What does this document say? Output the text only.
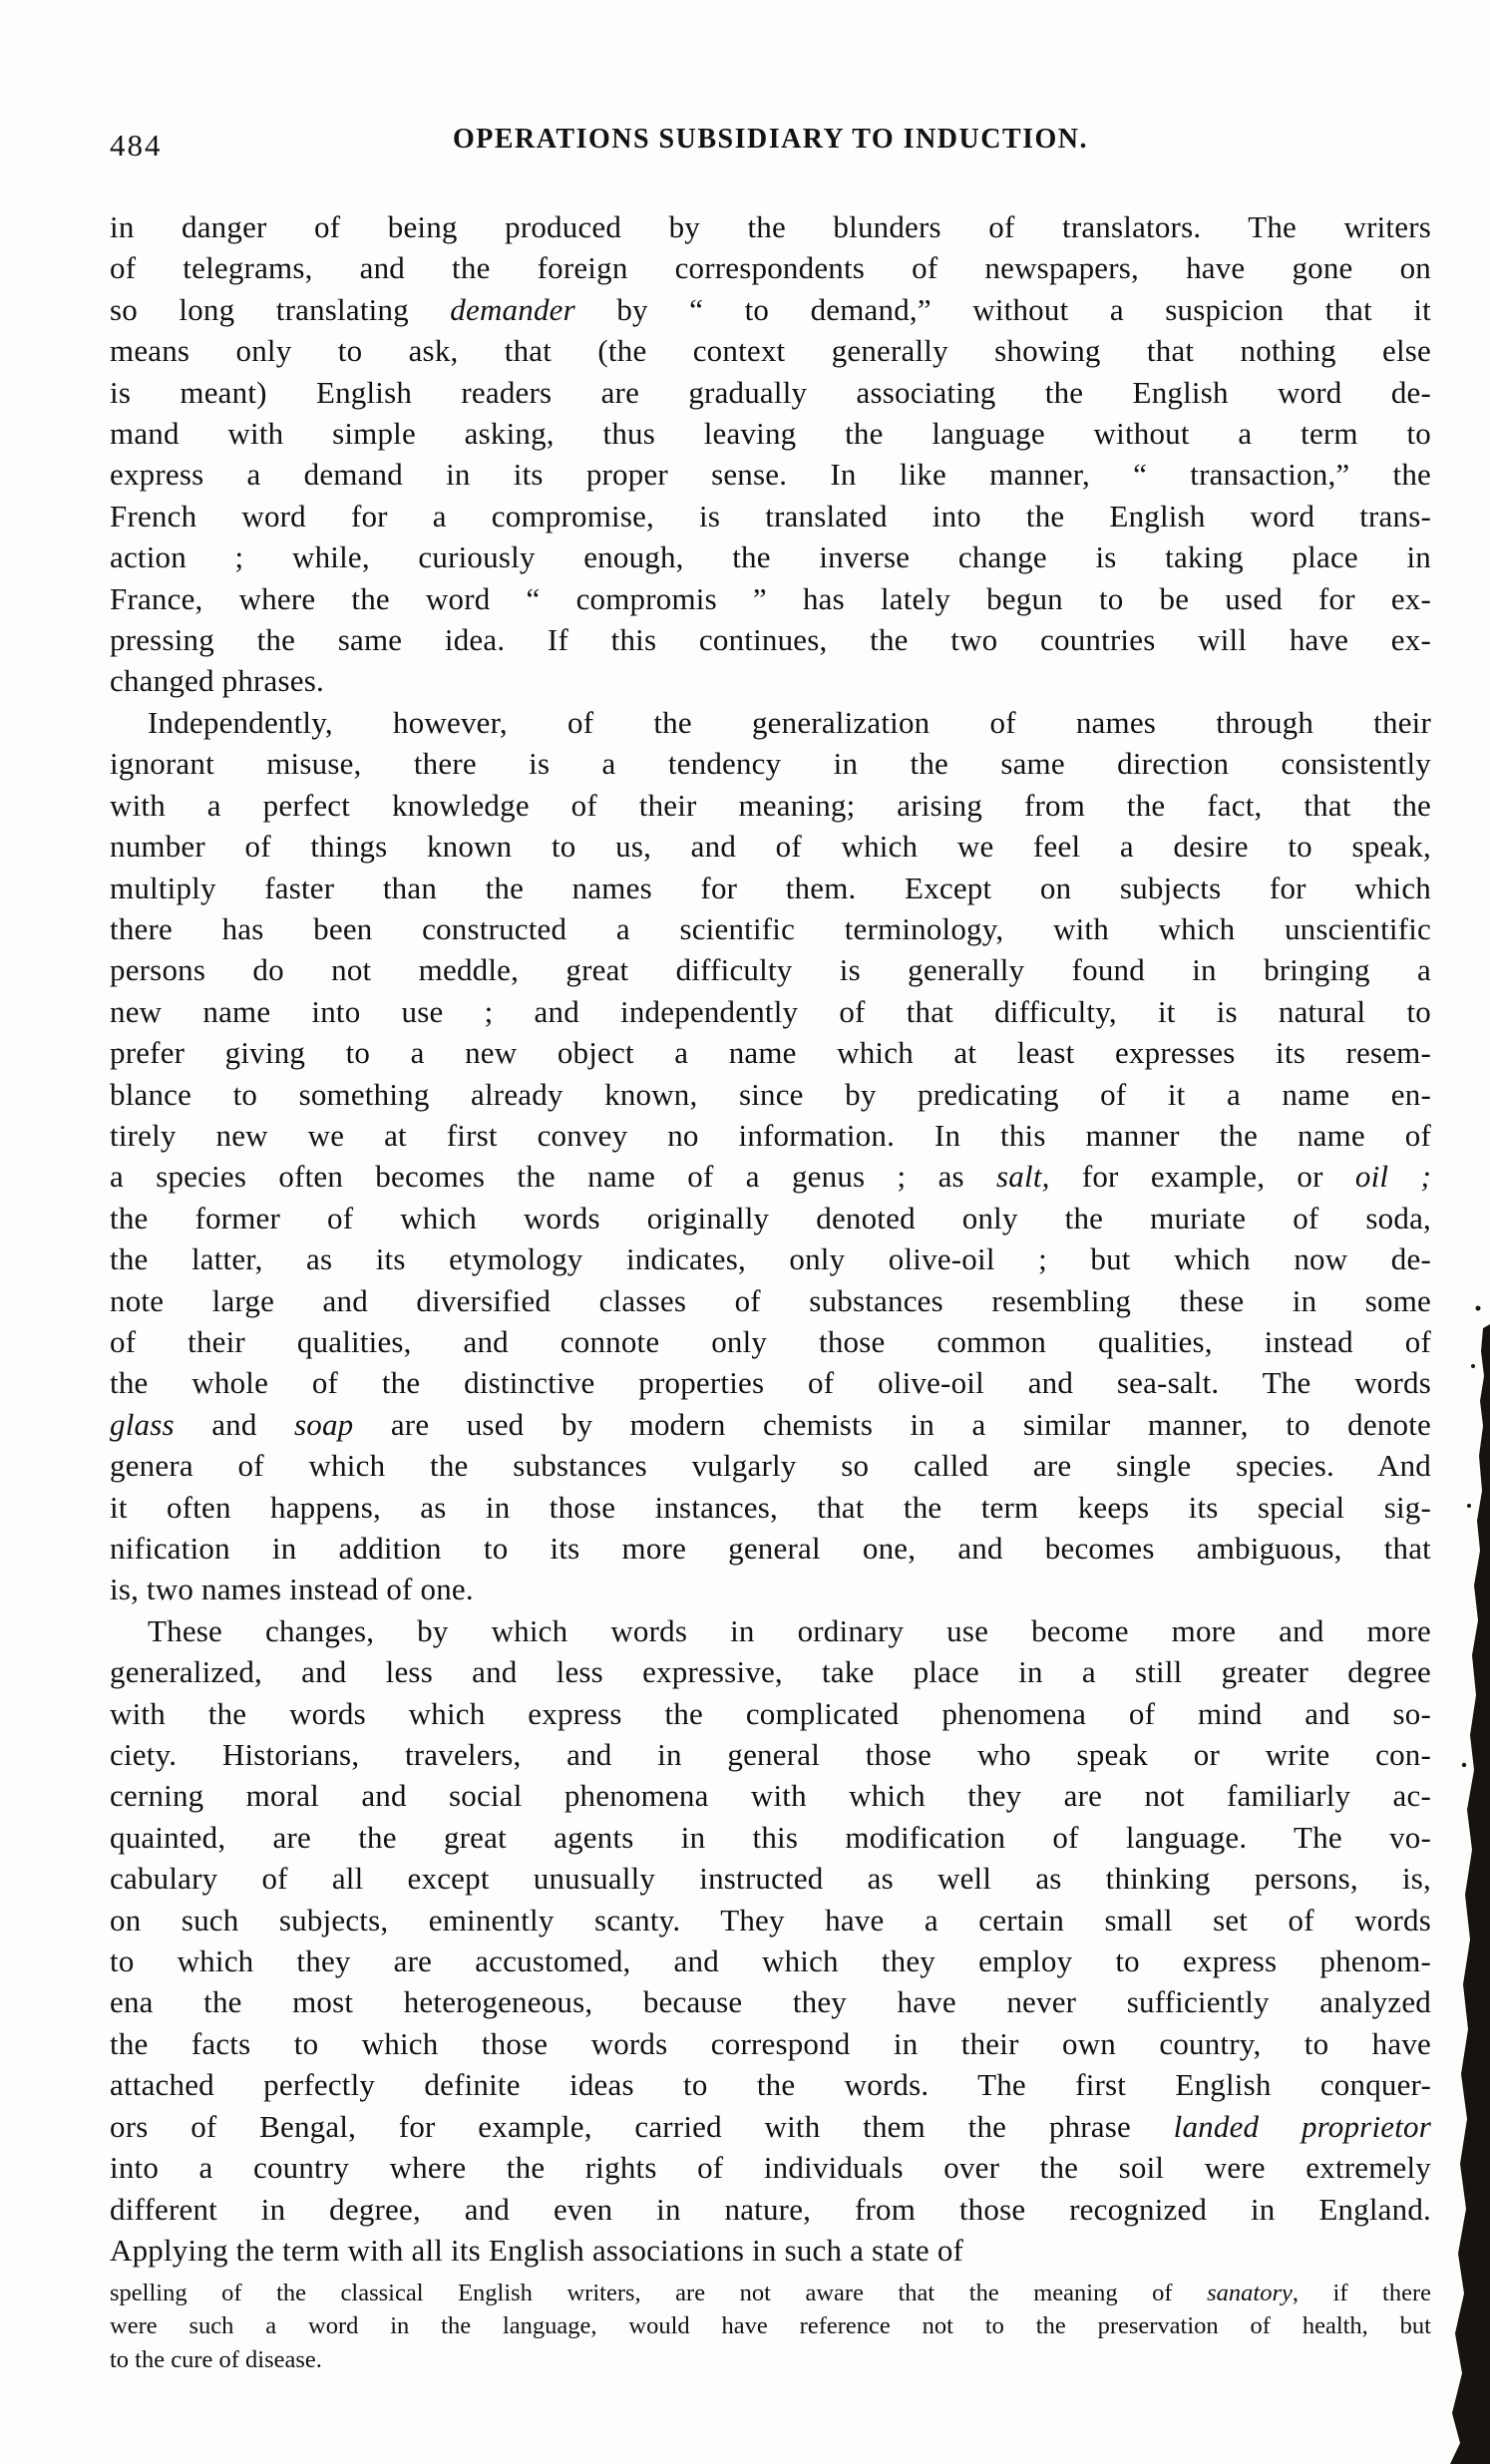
484	OPERATIONS SUBSIDIARY TO INDUCTION.
in danger of being produced by the blunders of translators. The writers
of telegrams, and the foreign correspondents of newspapers, have gone on
so long translating demander by “ to demand,” without a suspicion that it
means only to ask, that (the context generally showing that nothing else
is meant) English readers are gradually associating the English word de-
mand with simple asking, thus leaving the language without a term to
express a demand in its proper sense. In like manner, “ transaction,” the
French word for a compromise, is translated into the English word trans-
action ; while, curiously enough, the inverse change is taking place in
France, where the word “ compromis ” has lately begun to be used for ex-
pressing the same idea. If this continues, the two countries will have ex-
changed phrases.
Independently, however, of the generalization of names through their
ignorant misuse, there is a tendency in the same direction consistently
with a perfect knowledge of their meaning; arising from the fact, that the
number of things known to us, and of which we feel a desire to speak,
multiply faster than the names for them. Except on subjects for which
there has been constructed a scientific terminology, with which unscientific
persons do not meddle, great difficulty is generally found in bringing a
new name into use ; and independently of that difficulty, it is natural to
prefer giving to a new object a name which at least expresses its resem-
blance to something already known, since by predicating of it a name en-
tirely new we at first convey no information. In this manner the name of
a species often becomes the name of a genus ; as salt, for example, or oil ;
the former of which words originally denoted only the muriate of soda,
the latter, as its etymology indicates, only olive-oil ; but which now de-
note large and diversified classes of substances resembling these in some
of their qualities, and connote only those common qualities, instead of
the whole of the distinctive properties of olive-oil and sea-salt. The words
glass and soap are used by modern chemists in a similar manner, to denote
genera of which the substances vulgarly so called are single species. And
it often happens, as in those instances, that the term keeps its special sig-
nification in addition to its more general one, and becomes ambiguous, that
is, two names instead of one.
These changes, by which words in ordinary use become more and more
generalized, and less and less expressive, take place in a still greater degree
with the words which express the complicated phenomena of mind and so-
ciety. Historians, travelers, and in general those who speak or write con-
cerning moral and social phenomena with which they are not familiarly ac-
quainted, are the great agents in this modification of language. The vo-
cabulary of all except unusually instructed as well as thinking persons, is,
on such subjects, eminently scanty. They have a certain small set of words
to which they are accustomed, and which they employ to express phenom-
ena the most heterogeneous, because they have never sufficiently analyzed
the facts to which those words correspond in their own country, to have
attached perfectly definite ideas to the words. The first English conquer-
ors of Bengal, for example, carried with them the phrase landed proprietor
into a country where the rights of individuals over the soil were extremely
different in degree, and even in nature, from those recognized in England.
Applying the term with all its English associations in such a state of
spelling of the classical English writers, are not aware that the meaning of sanatory, if there
were such a word in the language, would have reference not to the preservation of health, but
to the cure of disease.
